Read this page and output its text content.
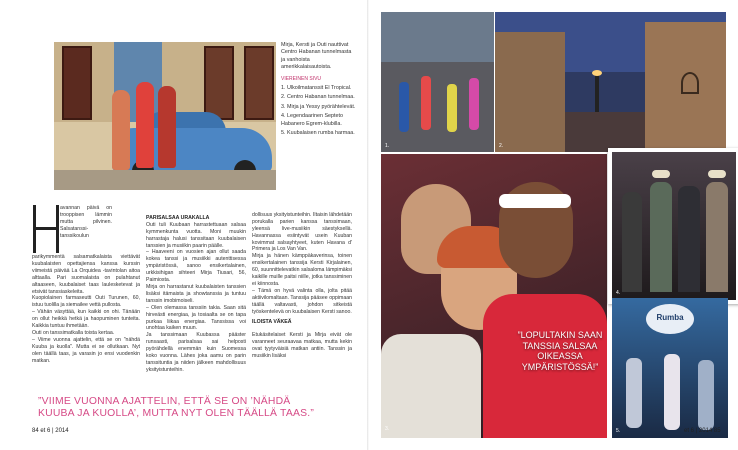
Mirja, Kersti ja Outi nauttivat Centro Habanan tunnelmasta ja vanhoista amerikkalaisautoista.
VIEREINEN SIVU
1. Ulkoilmatanssit El Tropical.
2. Centro Habanan tunnelmaa.
3. Mirja ja Yessy pyörähtelevät.
4. Legendaarinen Septeto Habanero Egrem-klubilla.
5. Kuubalaisen rumba harmaa.
avannan päivä on trooppisen lämmin mutta pilvinen. Salsatanssitanssikoulun
parikymmentä salsamatkalaista viettävät kuubalaisten opettajiensa kanssa kurssin viimeistä päivää La Orquidea -tavintolan aitoa alttaalla. Pari suomalaista on pulahtanut altaaseen, kuubalaiset taas laulesketevat ja etsivät tanssiaskeleita.
Kuopiolainen farmaseutti Outi Turunen, 60, istuu tuolilla ja siemailee vettä pullosta.
– Vähän väsyttää, kun kaikki on ohi. Tänään on ollut heikkä hetkä ja haopuminen tunteita. Kaikkia tuntuu ihmetään.
Outi on tanssimatkalla toista kertaa.
– Viime vuonna ajattelin, että se on "nähdä Kuuba ja kuolla". Mutta ei se ollutkaan. Nyt olen täällä taas, ja varasin jo ensi vuodenkin matkan.

PARISALSAA URAKALLA
Outi tuli Kuubaan harrastettuaan salsaa kymmenkunta vuotta. Moni muukin harrastaja halusi tanssitaan kuubalaisen tanssien ja musiikin paarin päälle.
– Haaveeni on vuosien ajan ollut saada kokea tanssi ja musiikki autenttisessa ympäristössä, sanoo ensikertalainen, urkkisihigan sihteeri Mirja Tiusari, 56, Paimiosta.
Mirja on harrastanut kuubalaisten tanssien lisäksi itämaista ja showtanssia ja tuntuu tanssin imobimoiseli.
– Olen olemassa tanssiin takia. Saan sitä hirveästi energiaa, ja tosiaalta se on tapa purkaa liikaa energiaa. Tanssissa voi unohtaa kaiken muun.
Ja tanssimaan Kuubassa pääster runsaasti, parisalsaa sai helposti pyörähdellä enemmän kuin Suomessa koko vuonna. Lähes joka aamu on parin tanssituntia ja niiden jälkeen mahdollisuus yksityistunteihin.

dollisuus yksityistunteihin. Iltaisin lähdetään porukalla parien kanssa tanssimaan, yleensä live-musiikin säestyksellä. Havannassa esiintyvät usein Kuuban kovimmat salsayhtyeet, kuten Havana d' Primera ja Los Van Van.
Mirja ja hänen kämppäkaverinsa, toinen ensikertalainen tanssija Kersti Kirjalainen, 60, suunnittelevatkin salsaloma lämpimäksi kaikille muille paitsi niille, jotka tanssiminen ei kiinnosta.
– Tämä on hyvä valinta olla, jolta pitää aktiivilomaltaan. Tanssija pääsee oppimaan täällä valtavasti, johdon sitkeistä työskentelevä on kuubalaisen Kersti sanoo.

ILOISTA VÄKEÄ

Etukäsitelaiset Kersti ja Mirja eivät ole varanneet seuraavaa matkaa, mutta kekin ovat tyytyväisiä matkan antiin. Tanssin ja musiikin lisäksi

”VIIME VUONNA AJATTELIN, ETTÄ SE ON ’NÄHDÄ KUUBA JA KUOLLA’, MUTTA NYT OLEN TÄÄLLÄ TAAS.”
84 et 6 | 2014
1.	2.
3.
”LOPULTAKIN SAAN TANSSIA SALSAA OIKEASSA YMPÄRISTÖSSÄ!”
4.
Rumba
5.	et 6 | 2014 85
